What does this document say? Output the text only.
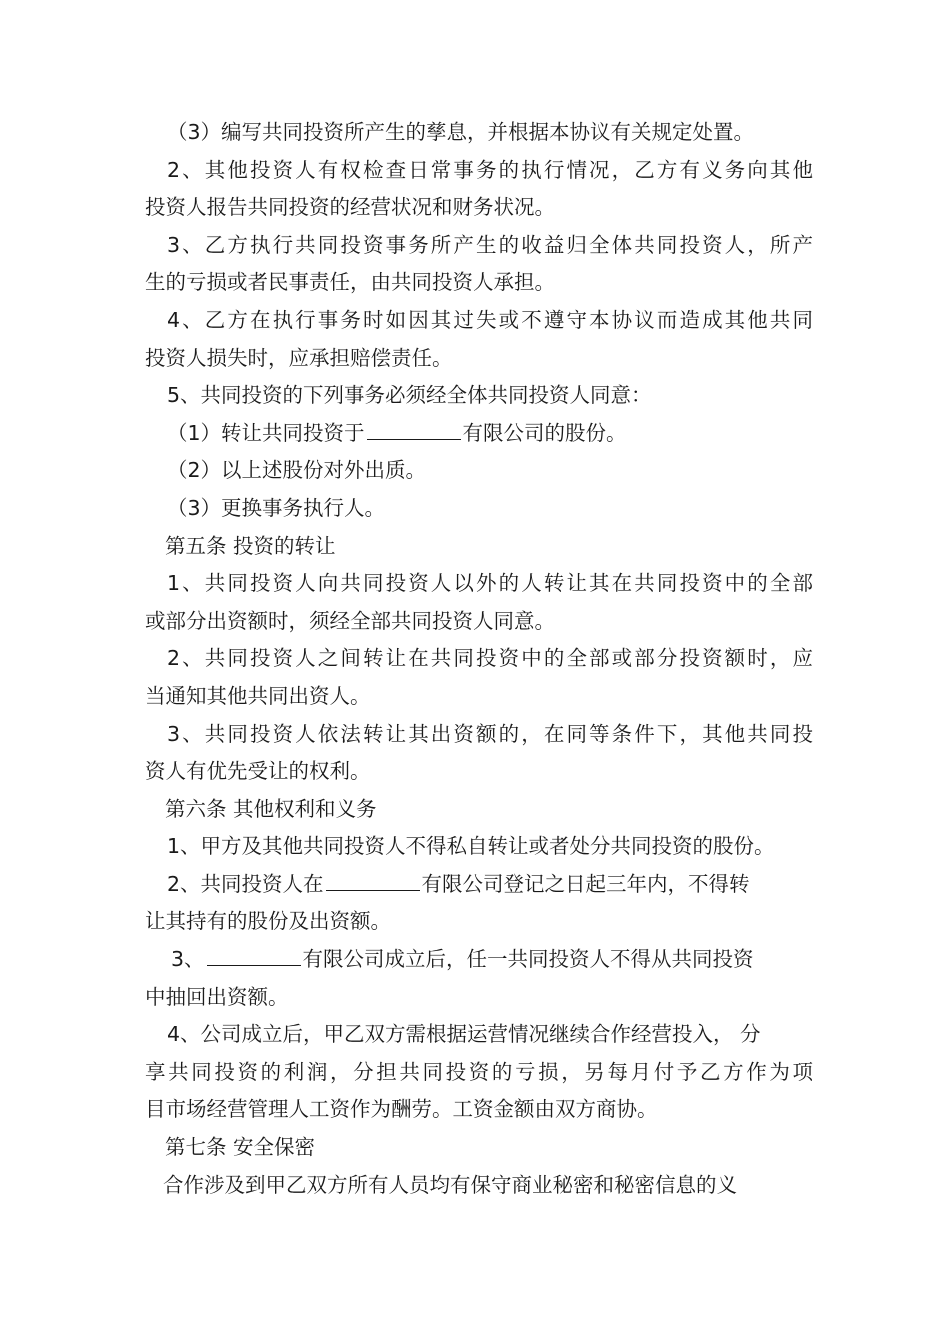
（3）编写共同投资所产生的孳息，并根据本协议有关规定处置。
2、其他投资人有权检查日常事务的执行情况，乙方有义务向其他
投资人报告共同投资的经营状况和财务状况。
3、乙方执行共同投资事务所产生的收益归全体共同投资人，所产
生的亏损或者民事责任，由共同投资人承担。
4、乙方在执行事务时如因其过失或不遵守本协议而造成其他共同
投资人损失时，应承担赔偿责任。
5、共同投资的下列事务必须经全体共同投资人同意：
（1）转让共同投资于	有限公司的股份。
（2）以上述股份对外出质。
（3）更换事务执行人。
第五条 投资的转让
1、共同投资人向共同投资人以外的人转让其在共同投资中的全部
或部分出资额时，须经全部共同投资人同意。
2、共同投资人之间转让在共同投资中的全部或部分投资额时，应
当通知其他共同出资人。
3、共同投资人依法转让其出资额的，在同等条件下，其他共同投
资人有优先受让的权利。
第六条 其他权利和义务
1、甲方及其他共同投资人不得私自转让或者处分共同投资的股份。
2、共同投资人在	有限公司登记之日起三年内，不得转
让其持有的股份及出资额。
3、	有限公司成立后，任一共同投资人不得从共同投资
中抽回出资额。
4、公司成立后，甲乙双方需根据运营情况继续合作经营投入， 分
享共同投资的利润，分担共同投资的亏损，另每月付予乙方作为项
目市场经营管理人工资作为酬劳。工资金额由双方商协。
第七条 安全保密
合作涉及到甲乙双方所有人员均有保守商业秘密和秘密信息的义
